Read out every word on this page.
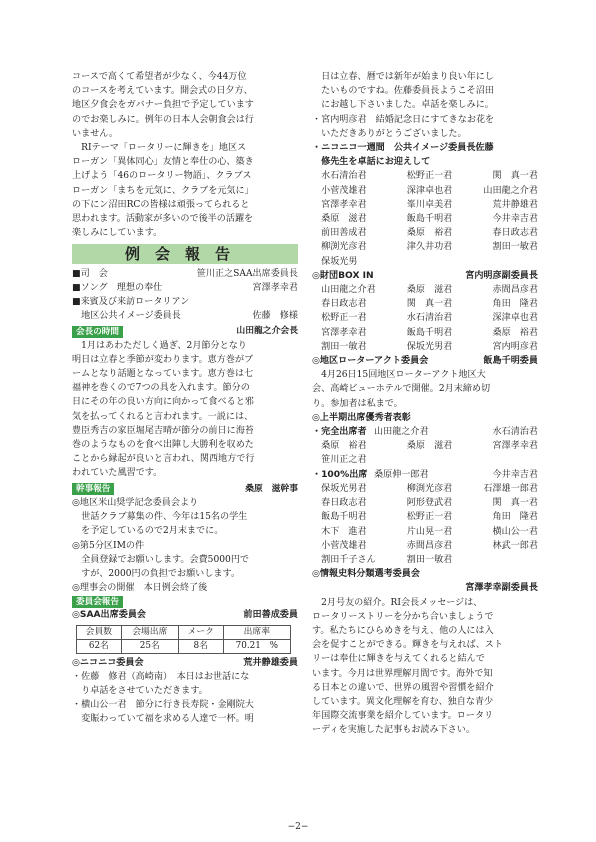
コースで高くて希望者が少なく、今44万位

のコースを考えています。開会式の日夕方、

地区夕食会をガバナー負担で予定しています

のでお楽しみに。例年の日本人会朝食会は行

いません。

RIテーマ「ロータリーに輝きを」地区ス

ローガン「異体同心」友情と奉仕の心、築き

上げよう「46のロータリー物語」、クラブス

ローガン「まちを元気に、クラブを元気に」

の下にン沼田RCの皆様は頑張ってられると

思われます。活動家が多いので後半の活躍を

楽しみにしています。

例会報告
■司　会	笹川正之SAA出席委員長
■ソング　理想の奉仕	宮澤孝幸君
■来賓及び来訪ロータリアン
　地区公共イメージ委員長	佐藤　修様
会長の時間	山田龍之介会長

1月はあわただしく過ぎ、2月節分となり

明日は立春と季節が変わります。恵方巻がブ

ームとなり話題となっています。恵方巻は七

福神を巻くので7つの具を入れます。節分の

日にその年の良い方向に向かって食べると邪

気を払ってくれると言われます。一説には、

豊臣秀吉の家臣堀尾吉晴が節分の前日に海苔

巻のようなものを食べ出陣し大勝利を収めた

ことから縁起が良いと言われ、関西地方で行

われていた風習です。

幹事報告	桑原　滋幹事

◎地区米山奨学記念委員会より

世話クラブ募集の件、今年は15名の学生

を予定しているので2月末までに。

◎第5分区IMの件

全員登録でお願いします。会費5000円で

すが、2000円の負担でお願いします。

◎理事会の開催　本日例会終了後

委員会報告
◎SAA出席委員会	前田善成委員
会員数	会場出席	メーク	出席率
62名	25名	8名	70.21　%
◎ニコニコ委員会	荒井静雄委員

・佐藤　修君（高崎南）　本日はお世話にな

　り卓話をさせていただきます。

・横山公一君　節分に行き長寿院・金剛院大

　変賑わっていて福を求める人達で一杯。明

日は立春、暦では新年が始まり良い年にし

たいものですね。佐藤委員長ようこそ沼田

にお越し下さいました。卓話を楽しみに。

・宮内明彦君　結婚記念日にすてきなお花を

　いただきありがとうございました。

・ニコニコ一週間　公共イメージ委員長佐藤

修先生を卓話にお迎えして

水石清治君	松野正一君	関　真一君
小菅茂雄君	深津卓也君	山田龍之介君
宮澤孝幸君	峯川卓美君	荒井静雄君
桑原　滋君	飯島千明君	今井幸吉君
前田善成君	桑原　裕君	春日政志君
柳渕光彦君	津久井功君	割田一敏君
保坂光男
◎財団BOX IN	宮内明彦副委員長
山田龍之介君	桑原　滋君	赤間昌彦君
春日政志君	関　真一君	角田　隆君
松野正一君	水石清治君	深津卓也君
宮澤孝幸君	飯島千明君	桑原　裕君
割田一敏君	保坂光男君	宮内明彦君
◎地区ローターアクト委員会	飯島千明委員

4月26日15回地区ローターアクト地区大

会、高崎ビューホテルで開催。2月末締め切

り。参加者は私まで。

◎上半期出席優秀者表彰

・完全出席者 山田龍之介君	水石清治君
桑原　裕君	桑原　滋君	宮澤孝幸君
笹川正之君
・100%出席 桑原伸一郎君	今井幸吉君
保坂光男君	柳渕光彦君	石澤雄一郎君
春日政志君	阿形登武君	関　真一君
飯島千明君	松野正一君	角田　隆君
木下　進君	片山晃一君	横山公一君
小菅茂雄君	赤間昌彦君	林武一郎君
割田千子さん	割田一敏君

◎情報史料分類選考委員会

宮澤孝幸副委員長

2月号友の紹介。RI会長メッセージは、

ロータリーストリーを分かち合いましょうで

す。私たちにひらめきを与え、他の人には入

会を促すことができる。輝きを与えれば、スト

リーは奉仕に輝きを与えてくれると結んで

います。今月は世界理解月間です。海外で知

る日本との違いで、世界の風習や習慣を紹介

しています。異文化理解を育む、独自な青少

年国際交流事業を紹介しています。ロータリ

ーディを実施した記事もお読み下さい。

−2−
